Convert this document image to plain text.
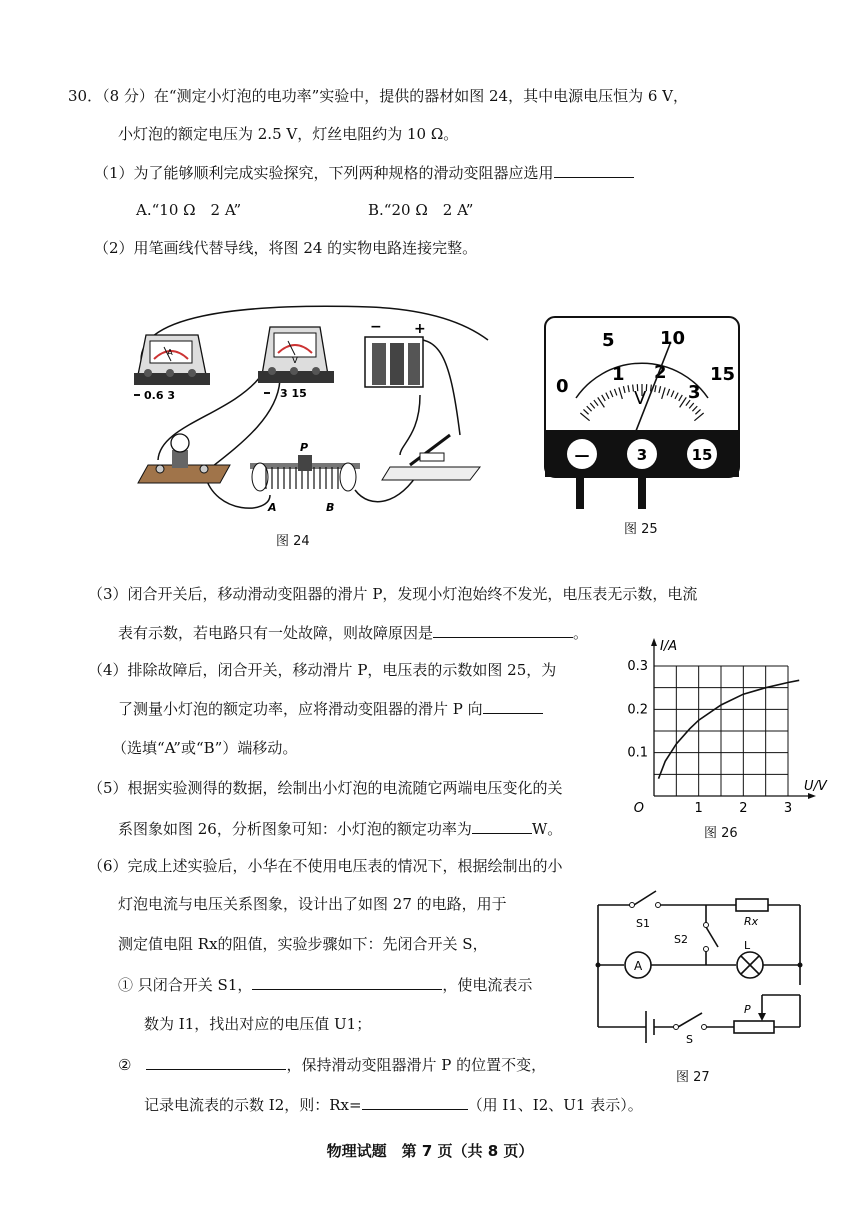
30．（8 分）在“测定小灯泡的电功率”实验中，提供的器材如图 24，其中电源电压恒为 6 V，
小灯泡的额定电压为 2.5 V，灯丝电阻约为 10 Ω。
（1）为了能够顺利完成实验探究，下列两种规格的滑动变阻器应选用
A.“10 Ω　2 A”	B.“20 Ω　2 A”
（2）用笔画线代替导线，将图 24 的实物电路连接完整。
A
0.6 3
V
3 15
− +
P
A	B
图 24
0
5	10
15
1 2
3
V
—	3	15
图 25
（3）闭合开关后，移动滑动变阻器的滑片 P，发现小灯泡始终不发光，电压表无示数，电流
表有示数，若电路只有一处故障，则故障原因是	。
（4）排除故障后，闭合开关，移动滑片 P，电压表的示数如图 25，为
了测量小灯泡的额定功率，应将滑动变阻器的滑片 P 向
（选填“A”或“B”）端移动。
1	2	3
0.1
0.2
0.3
O
U/V
I/A
图 26
（5）根据实验测得的数据，绘制出小灯泡的电流随它两端电压变化的关
系图象如图 26，分析图象可知：小灯泡的额定功率为	W。
（6）完成上述实验后，小华在不使用电压表的情况下，根据绘制出的小
灯泡电流与电压关系图象，设计出了如图 27 的电路，用于
测定值电阻 Rx的阻值，实验步骤如下：先闭合开关 S，
① 只闭合开关 S1，	，使电流表示
数为 I1，找出对应的电压值 U1；
②　	，保持滑动变阻器滑片 P 的位置不变，
记录电流表的示数 I2，则：Rx=	（用 I1、I2、U1 表示）。
S1
S2
Rx
L
A
P
S
图 27
物理试题　第 7 页（共 8 页）
